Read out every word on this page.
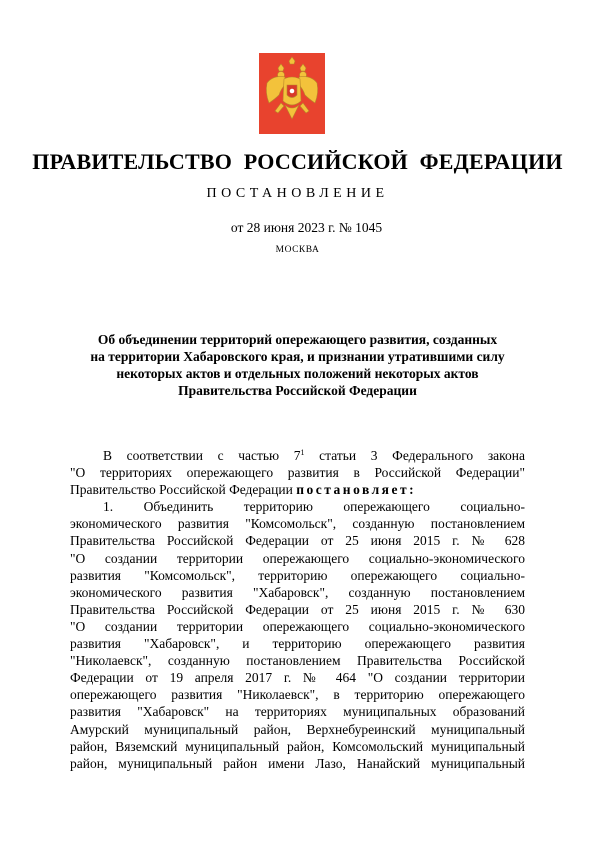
ПРАВИТЕЛЬСТВО РОССИЙСКОЙ ФЕДЕРАЦИИ
ПОСТАНОВЛЕНИЕ
от 28 июня 2023 г. № 1045
МОСКВА
Об объединении территорий опережающего развития, созданных
на территории Хабаровского края, и признании утратившими силу
некоторых актов и отдельных положений некоторых актов
Правительства Российской Федерации
В соответствии с частью $7^1$ статьи 3 Федерального закона
"О территориях опережающего развития в Российской Федерации"
Правительство Российской Федерации постановляет:
1. Объединить территорию опережающего социально-
экономического развития "Комсомольск", созданную постановлением
Правительства Российской Федерации от 25 июня 2015 г. № 628
"О создании территории опережающего социально-экономического
развития "Комсомольск", территорию опережающего социально-
экономического развития "Хабаровск", созданную постановлением
Правительства Российской Федерации от 25 июня 2015 г. № 630
"О создании территории опережающего социально-экономического
развития "Хабаровск", и территорию опережающего развития
"Николаевск", созданную постановлением Правительства Российской
Федерации от 19 апреля 2017 г. № 464 "О создании территории
опережающего развития "Николаевск", в территорию опережающего
развития "Хабаровск" на территориях муниципальных образований
Амурский муниципальный район, Верхнебуреинский муниципальный
район, Вяземский муниципальный район, Комсомольский муниципальный
район, муниципальный район имени Лазо, Нанайский муниципальный
